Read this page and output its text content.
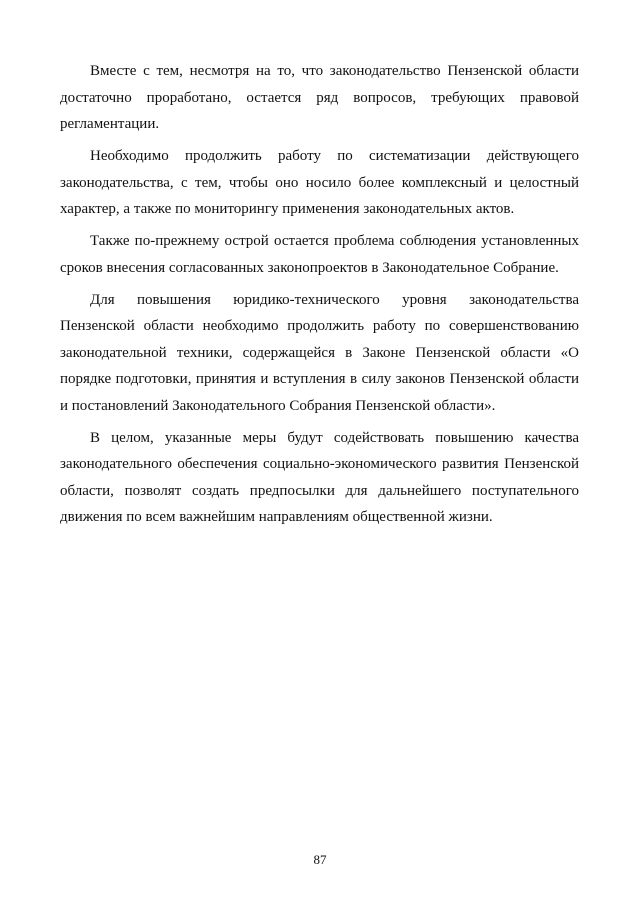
Вместе с тем, несмотря на то, что законодательство Пензенской области достаточно проработано, остается ряд вопросов, требующих правовой регламентации.

Необходимо продолжить работу по систематизации действующего законодательства, с тем, чтобы оно носило более комплексный и целостный характер, а также по мониторингу применения законодательных актов.

Также по-прежнему острой остается проблема соблюдения установленных сроков внесения согласованных законопроектов в Законодательное Собрание.

Для повышения юридико-технического уровня законодательства Пензенской области необходимо продолжить работу по совершенствованию законодательной техники, содержащейся в Законе Пензенской области «О порядке подготовки, принятия и вступления в силу законов Пензенской области и постановлений Законодательного Собрания Пензенской области».

В целом, указанные меры будут содействовать повышению качества законодательного обеспечения социально-экономического развития Пензенской области, позволят создать предпосылки для дальнейшего поступательного движения по всем важнейшим направлениям общественной жизни.

87
